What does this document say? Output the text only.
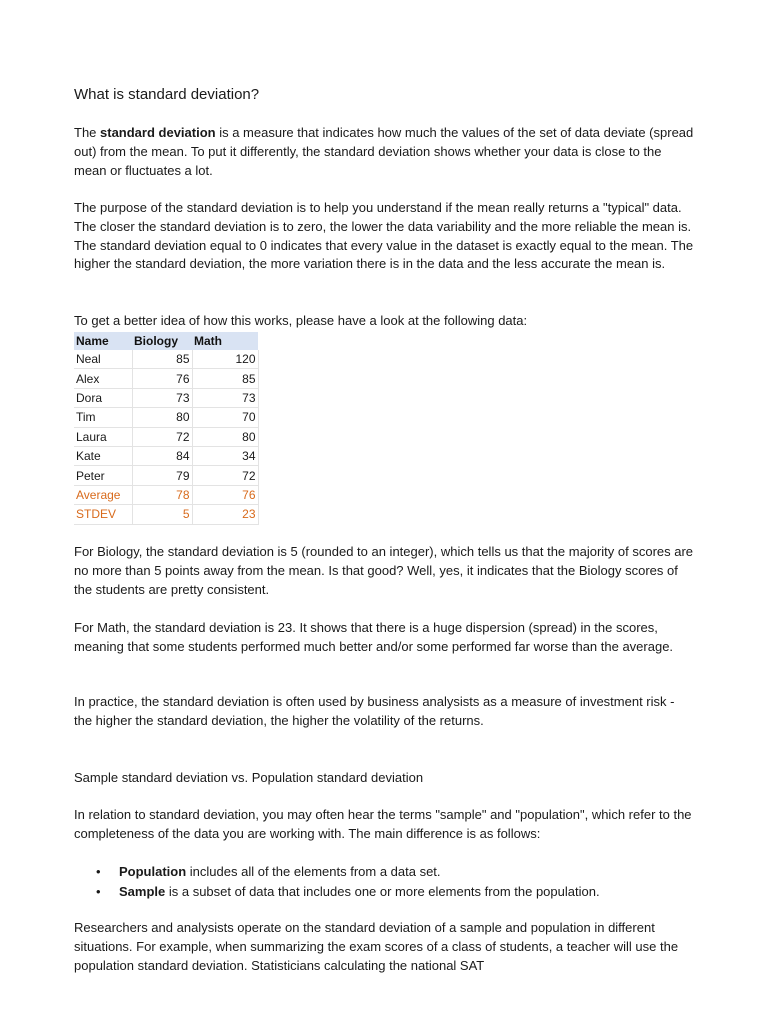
What is standard deviation?

The standard deviation is a measure that indicates how much the values of the set of data deviate (spread out) from the mean. To put it differently, the standard deviation shows whether your data is close to the mean or fluctuates a lot.

The purpose of the standard deviation is to help you understand if the mean really returns a "typical" data. The closer the standard deviation is to zero, the lower the data variability and the more reliable the mean is. The standard deviation equal to 0 indicates that every value in the dataset is exactly equal to the mean. The higher the standard deviation, the more variation there is in the data and the less accurate the mean is.

To get a better idea of how this works, please have a look at the following data:

Name	Biology	Math
Neal	85	120
Alex	76	85
Dora	73	73
Tim	80	70
Laura	72	80
Kate	84	34
Peter	79	72
Average	78	76
STDEV	5	23

For Biology, the standard deviation is 5 (rounded to an integer), which tells us that the majority of scores are no more than 5 points away from the mean. Is that good? Well, yes, it indicates that the Biology scores of the students are pretty consistent.

For Math, the standard deviation is 23. It shows that there is a huge dispersion (spread) in the scores, meaning that some students performed much better and/or some performed far worse than the average.

In practice, the standard deviation is often used by business analysists as a measure of investment risk - the higher the standard deviation, the higher the volatility of the returns.

Sample standard deviation vs. Population standard deviation

In relation to standard deviation, you may often hear the terms "sample" and "population", which refer to the completeness of the data you are working with. The main difference is as follows:

• Population includes all of the elements from a data set.
• Sample is a subset of data that includes one or more elements from the population.

Researchers and analysists operate on the standard deviation of a sample and population in different situations. For example, when summarizing the exam scores of a class of students, a teacher will use the population standard deviation. Statisticians calculating the national SAT
